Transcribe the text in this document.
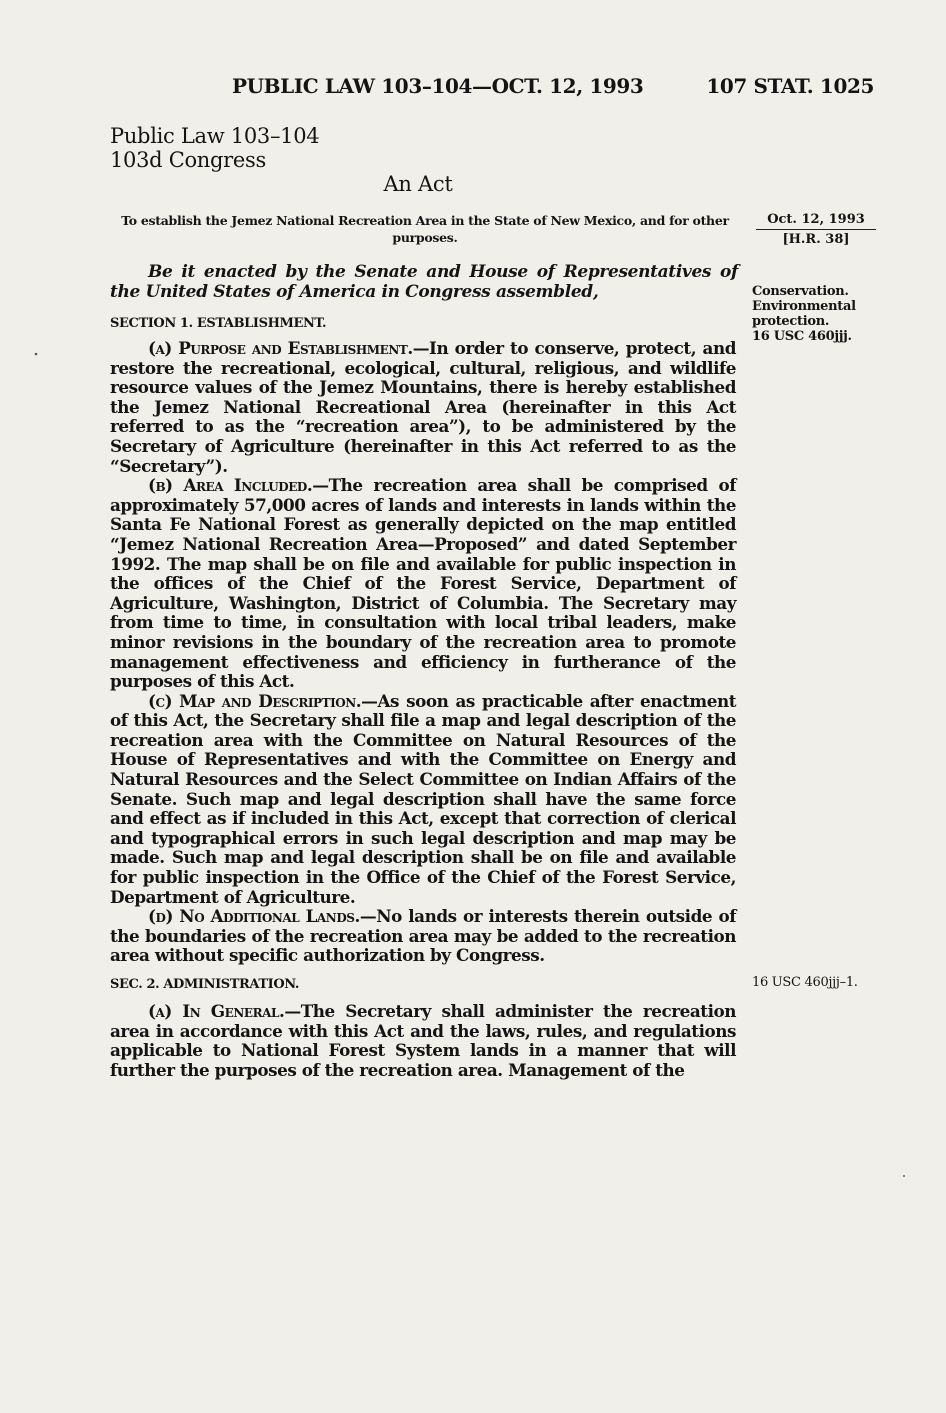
PUBLIC LAW 103–104—OCT. 12, 1993	107 STAT. 1025
Public Law 103–104
103d Congress
An Act
To establish the Jemez National Recreation Area in the State of New Mexico, and for other purposes.
Oct. 12, 1993
[H.R. 38]
Conservation.
Environmental
protection.
16 USC 460jjj.
Be it enacted by the Senate and House of Representatives of the United States of America in Congress assembled,
SECTION 1. ESTABLISHMENT.

(a) Purpose and Establishment.—In order to conserve, protect, and restore the recreational, ecological, cultural, religious, and wildlife resource values of the Jemez Mountains, there is hereby established the Jemez National Recreational Area (hereinafter in this Act referred to as the “recreation area”), to be administered by the Secretary of Agriculture (hereinafter in this Act referred to as the “Secretary”).

(b) Area Included.—The recreation area shall be comprised of approximately 57,000 acres of lands and interests in lands within the Santa Fe National Forest as generally depicted on the map entitled “Jemez National Recreation Area—Proposed” and dated September 1992. The map shall be on file and available for public inspection in the offices of the Chief of the Forest Service, Department of Agriculture, Washington, District of Columbia. The Secretary may from time to time, in consultation with local tribal leaders, make minor revisions in the boundary of the recreation area to promote management effectiveness and efficiency in furtherance of the purposes of this Act.

(c) Map and Description.—As soon as practicable after enactment of this Act, the Secretary shall file a map and legal description of the recreation area with the Committee on Natural Resources of the House of Representatives and with the Committee on Energy and Natural Resources and the Select Committee on Indian Affairs of the Senate. Such map and legal description shall have the same force and effect as if included in this Act, except that correction of clerical and typographical errors in such legal description and map may be made. Such map and legal description shall be on file and available for public inspection in the Office of the Chief of the Forest Service, Department of Agriculture.

(d) No Additional Lands.—No lands or interests therein outside of the boundaries of the recreation area may be added to the recreation area without specific authorization by Congress.

SEC. 2. ADMINISTRATION.	16 USC 460jjj–1.

(a) In General.—The Secretary shall administer the recreation area in accordance with this Act and the laws, rules, and regulations applicable to National Forest System lands in a manner that will further the purposes of the recreation area. Management of the
